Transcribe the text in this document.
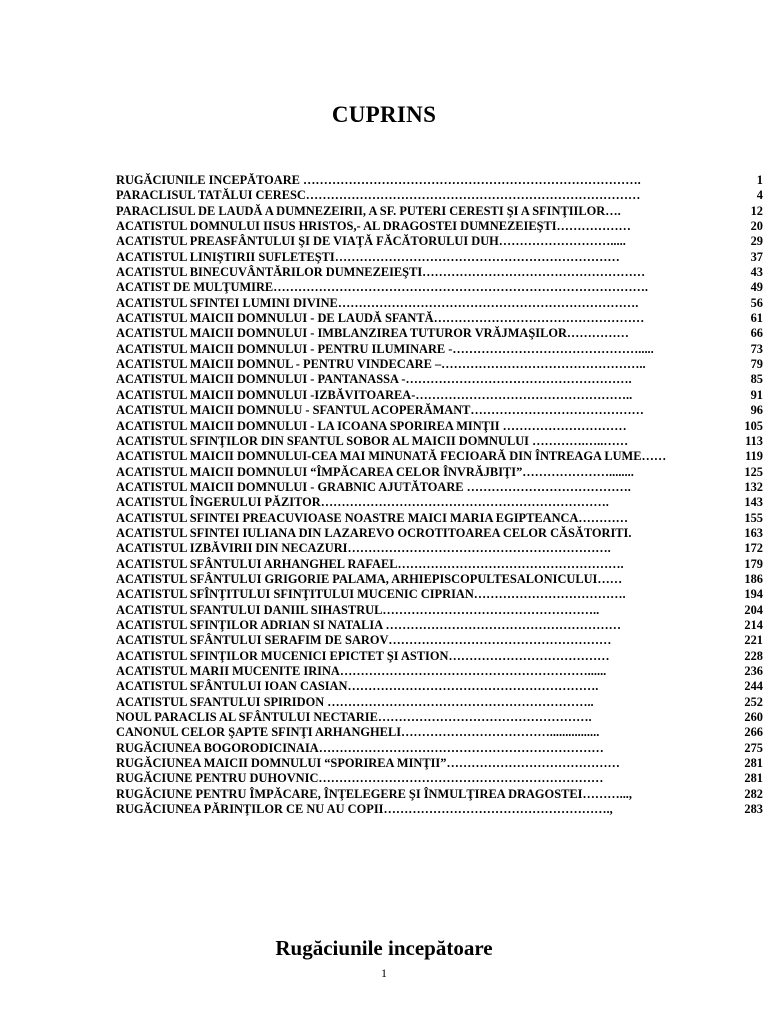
CUPRINS
RUGĂCIUNILE INCEPĂTOARE ……………………………………………………………………….	1
PARACLISUL TATĂLUI CERESC………………………………………………………………………	4
PARACLISUL DE LAUDĂ A DUMNEZEIRII, A SF. PUTERI CERESTI ŞI A SFINŢIILOR….	12
ACATISTUL DOMNULUI IISUS HRISTOS,- AL DRAGOSTEI DUMNEZEIEŞTI………………	20
ACATISTUL PREASFÂNTULUI ŞI DE VIAŢĂ FĂCĂTORULUI DUH……………………….....	29
ACATISTUL LINIŞTIRII SUFLETEŞTI……………………………………………………………	37
ACATISTUL BINECUVÂNTĂRILOR DUMNEZEIEŞTI………………………………………………	43
ACATIST DE MULŢUMIRE……………………………………………………………………………….	49
ACATISTUL SFINTEI LUMINI DIVINE……………………………………………………………….	56
ACATISTUL MAICII DOMNULUI - DE LAUDĂ SFANTĂ……………………………………………	61
ACATISTUL MAICII DOMNULUI - IMBLANZIREA TUTUROR VRĂJMAŞILOR……………	66
ACATISTUL MAICII DOMNULUI - PENTRU ILUMINARE -……………………………………….....	73
ACATISTUL MAICII DOMNUL - PENTRU VINDECARE –…………………………………………..	79
ACATISTUL MAICII DOMNULUI - PANTANASSA -……………………………………………….	85
ACATISTUL MAICII DOMNULUI -IZBĂVITOAREA-……………………………………………..	91
ACATISTUL MAICII DOMNULU - SFANTUL ACOPERĂMANT……………………………………	96
ACATISTUL MAICII DOMNULUI - LA ICOANA SPORIREA MINŢII …………………………	105
ACATISTUL SFINŢILOR DIN SFANTUL SOBOR AL MAICII DOMNULUI ………….…..……	113
ACATISTUL MAICII DOMNULUI-CEA MAI MINUNATĂ FECIOARĂ DIN ÎNTREAGA LUME……	119
ACATISTUL MAICII DOMNULUI “ÎMPĂCAREA CELOR ÎNVRĂJBIŢI”…………………........	125
ACATISTUL MAICII DOMNULUI - GRABNIC AJUTĂTOARE ………………………………….	132
ACATISTUL ÎNGERULUI PĂZITOR…………………………………………………………….	143
ACATISTUL SFINTEI PREACUVIOASE NOASTRE MAICI MARIA EGIPTEANCA…………	155
ACATISTUL SFINTEI IULIANA DIN LAZAREVO OCROTITOAREA CELOR CĂSĂTORITI.	163
ACATISTUL IZBĂVIRII DIN NECAZURI……………………………………………………….	172
ACATISTUL SFÂNTULUI ARHANGHEL RAFAEL……………………………………………….	179
ACATISTUL SFÂNTULUI GRIGORIE PALAMA, ARHIEPISCOPULTESALONICULUI……	186
ACATISTUL SFÎNŢITULUI SFINŢITULUI MUCENIC CIPRIAN……………………………….	194
ACATISTUL SFANTULUI DANIIL SIHASTRUL……………………………………………..	204
ACATISTUL SFINŢILOR ADRIAN SI NATALIA …………………………………………………	214
ACATISTUL SFÂNTULUI SERAFIM DE SAROV………………………………………………	221
ACATISTUL SFINŢILOR MUCENICI EPICTET ŞI ASTION…………………………………	228
ACATISTUL MARII MUCENITE IRINA……………………………………………………......	236
ACATISTUL SFÂNTULUI IOAN CASIAN…………………………………………………….	244
ACATISTUL SFANTULUI SPIRIDON ………………………………………………………..	252
NOUL PARACLIS AL SFÂNTULUI NECTARIE…………………………………………….	260
CANONUL CELOR ŞAPTE SFINŢI ARHANGHELI………………………………................	266
RUGĂCIUNEA BOGORODICINAIA……………………………………………………………	275
RUGĂCIUNEA MAICII DOMNULUI “SPORIREA MINŢII”……………………………………	281
RUGĂCIUNE PENTRU DUHOVNIC……………………………………………………………	281
RUGĂCIUNE PENTRU ÎMPĂCARE, ÎNŢELEGERE ŞI ÎNMULŢIREA DRAGOSTEI………...,	282
RUGĂCIUNEA PĂRINŢILOR CE NU AU COPII……………………………………………….,	283
Rugăciunile incepătoare
1
